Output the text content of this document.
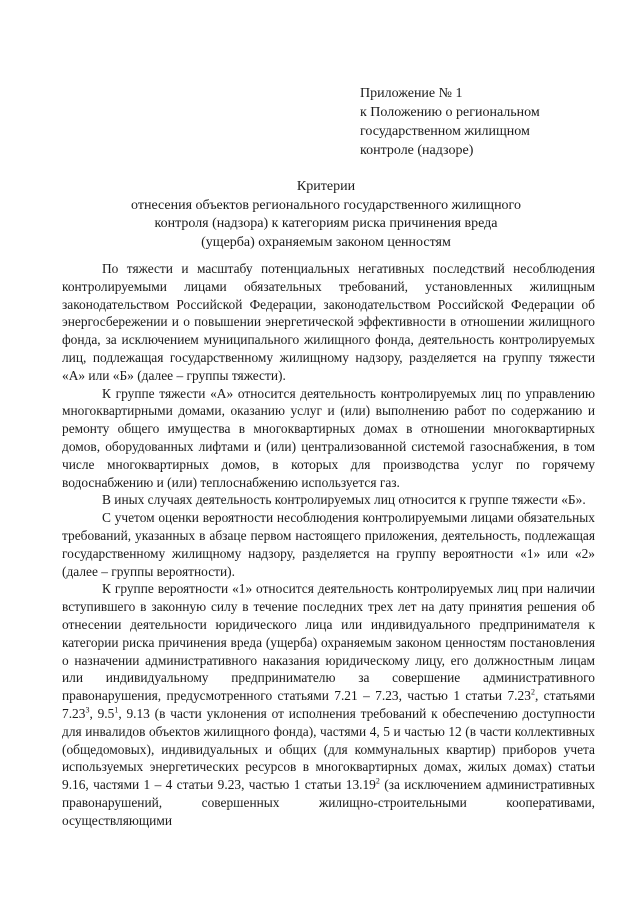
Приложение № 1
к Положению о региональном
государственном жилищном
контроле (надзоре)
Критерии
отнесения объектов регионального государственного жилищного
контроля (надзора) к категориям риска причинения вреда
(ущерба) охраняемым законом ценностям

По тяжести и масштабу потенциальных негативных последствий несоблюдения контролируемыми лицами обязательных требований, установленных жилищным законодательством Российской Федерации, законодательством Российской Федерации об энергосбережении и о повышении энергетической эффективности в отношении жилищного фонда, за исключением муниципального жилищного фонда, деятельность контролируемых лиц, подлежащая государственному жилищному надзору, разделяется на группу тяжести «А» или «Б» (далее – группы тяжести).

К группе тяжести «А» относится деятельность контролируемых лиц по управлению многоквартирными домами, оказанию услуг и (или) выполнению работ по содержанию и ремонту общего имущества в многоквартирных домах в отношении многоквартирных домов, оборудованных лифтами и (или) централизованной системой газоснабжения, в том числе многоквартирных домов, в которых для производства услуг по горячему водоснабжению и (или) теплоснабжению используется газ.

В иных случаях деятельность контролируемых лиц относится к группе тяжести «Б».

С учетом оценки вероятности несоблюдения контролируемыми лицами обязательных требований, указанных в абзаце первом настоящего приложения, деятельность, подлежащая государственному жилищному надзору, разделяется на группу вероятности «1» или «2» (далее – группы вероятности).

К группе вероятности «1» относится деятельность контролируемых лиц при наличии вступившего в законную силу в течение последних трех лет на дату принятия решения об отнесении деятельности юридического лица или индивидуального предпринимателя к категории риска причинения вреда (ущерба) охраняемым законом ценностям постановления о назначении административного наказания юридическому лицу, его должностным лицам или индивидуальному предпринимателю за совершение административного правонарушения, предусмотренного статьями 7.21 – 7.23, частью 1 статьи 7.23$^2$, статьями 7.23$^3$, $9.5^1$, 9.13 (в части уклонения от исполнения требований к обеспечению доступности для инвалидов объектов жилищного фонда), частями 4, 5 и частью 12 (в части коллективных (общедомовых), индивидуальных и общих (для коммунальных квартир) приборов учета используемых энергетических ресурсов в многоквартирных домах, жилых домах) статьи 9.16, частями 1 – 4 статьи 9.23, частью 1 статьи 13.19$^2$ (за исключением административных правонарушений, совершенных жилищно-строительными кооперативами, осуществляющими
